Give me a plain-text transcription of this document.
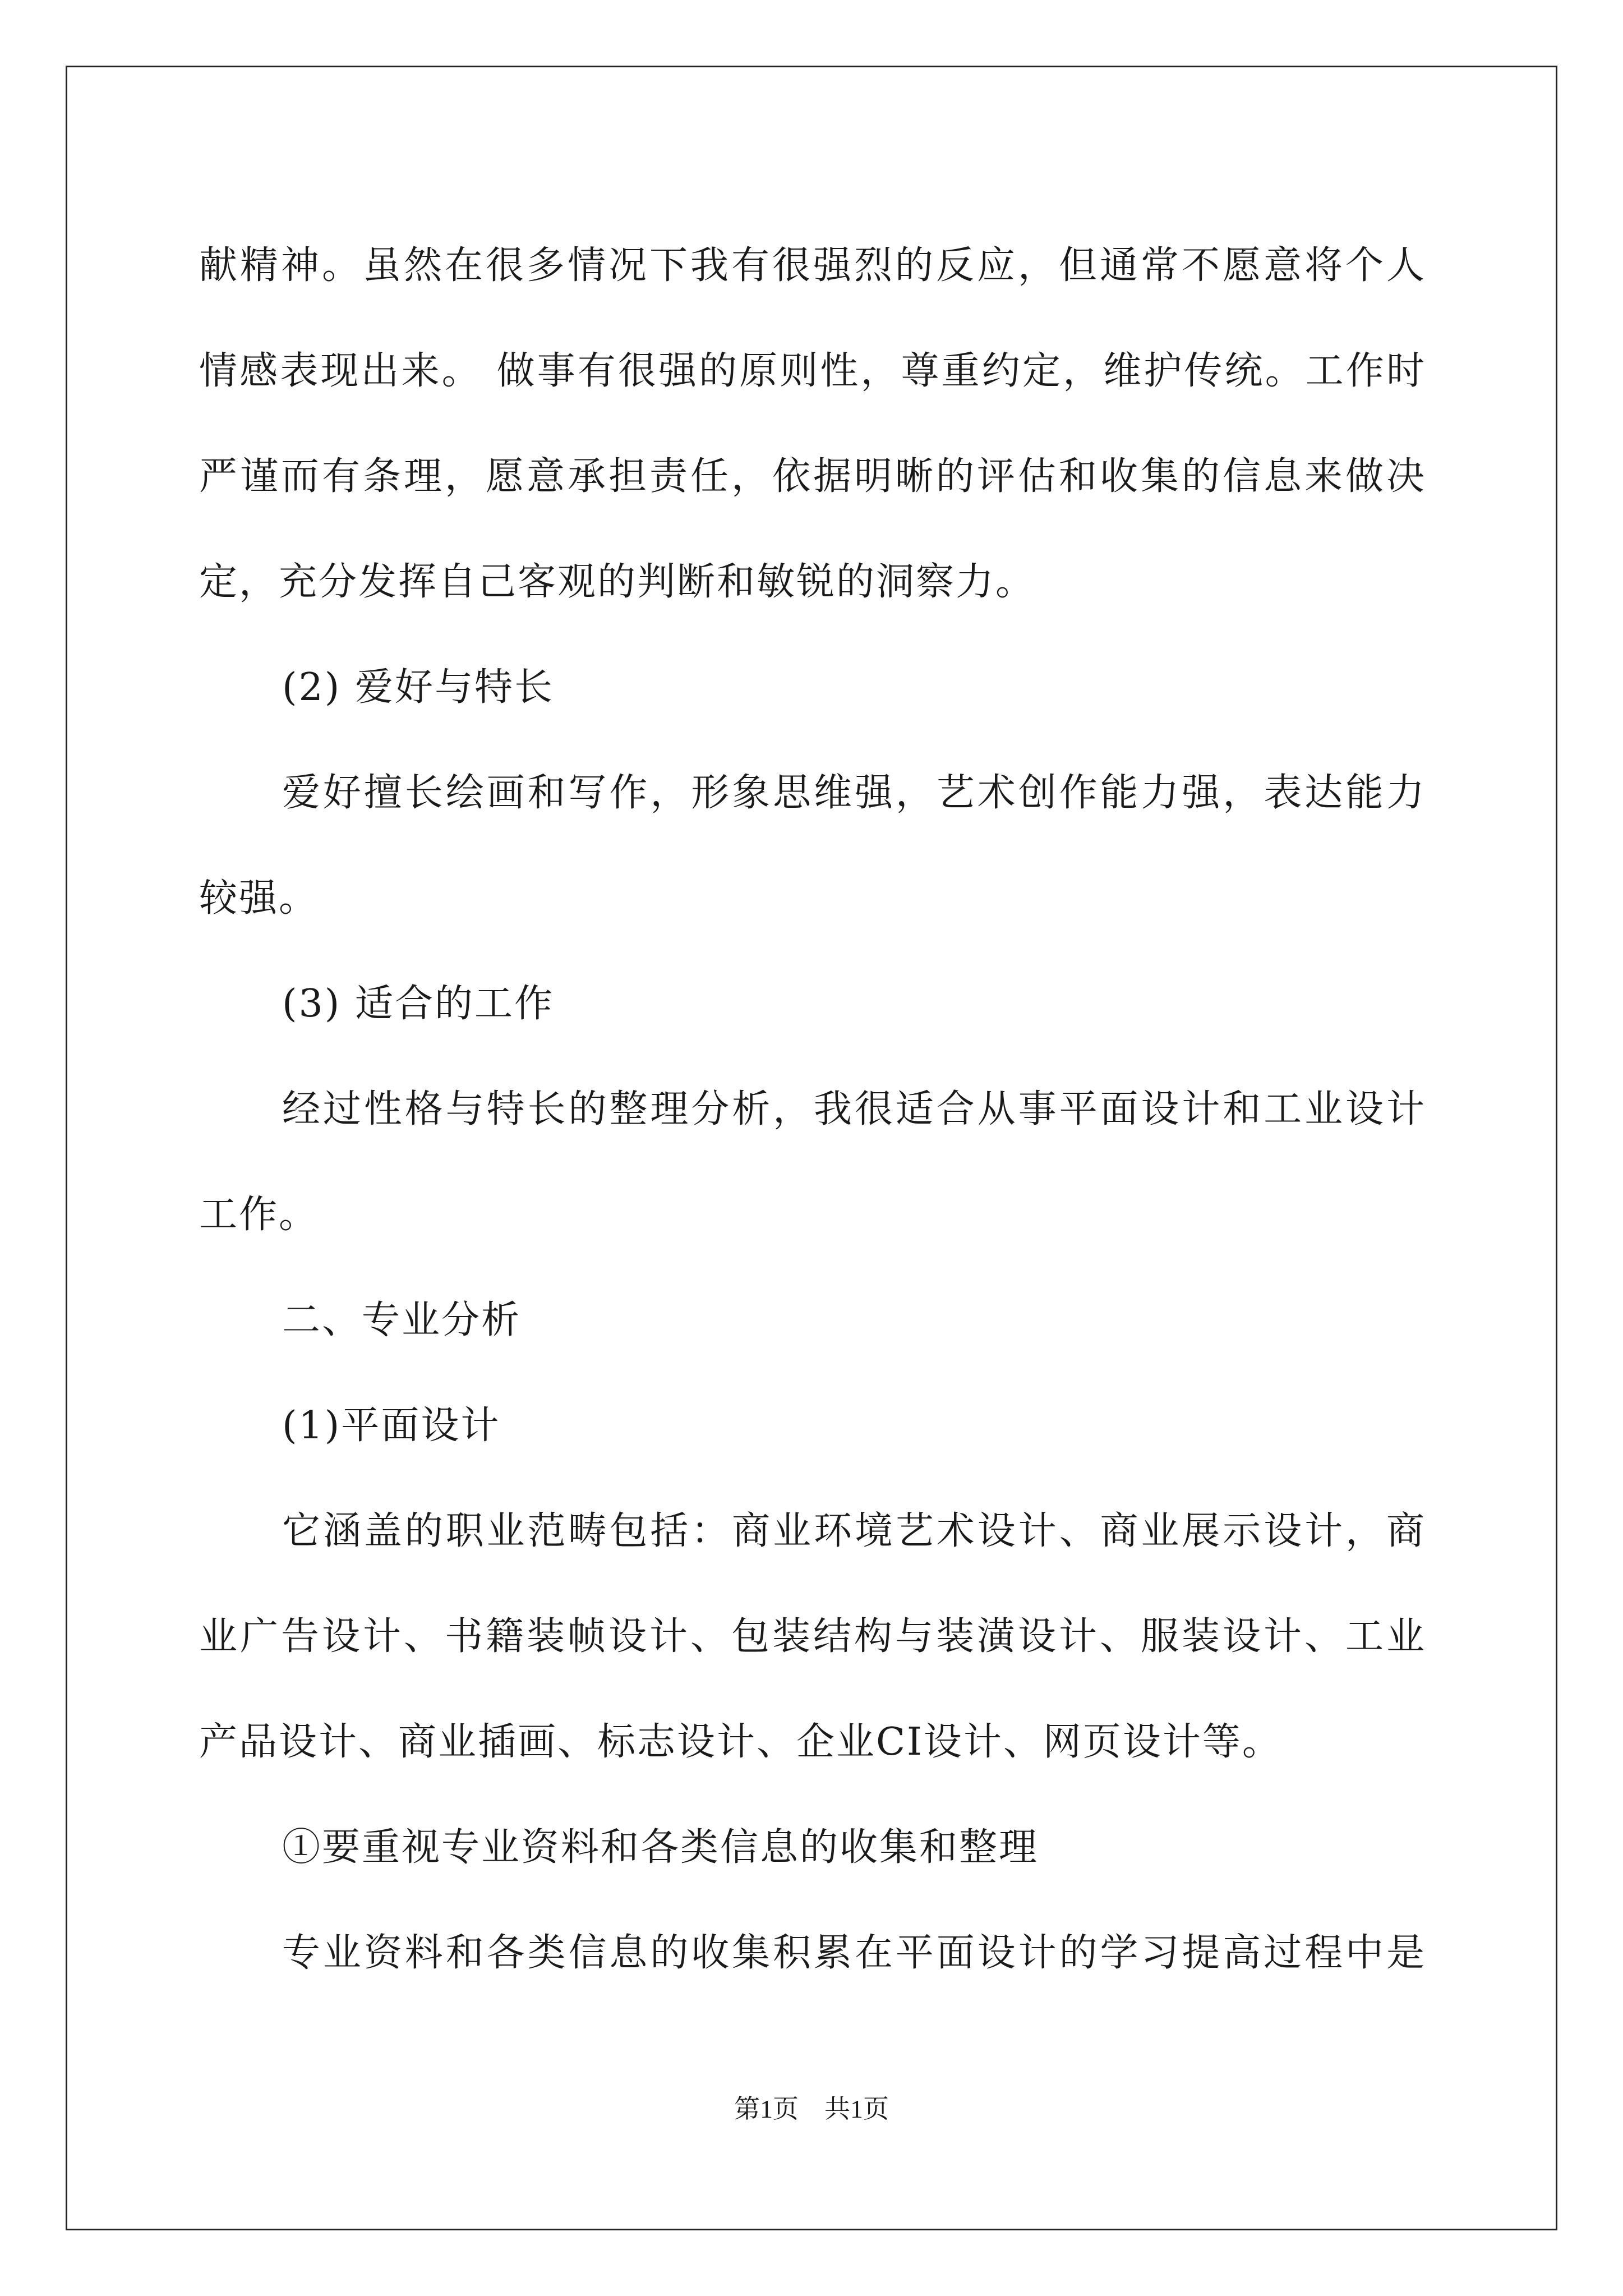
献精神。虽然在很多情况下我有很强烈的反应，但通常不愿意将个人
情感表现出来。 做事有很强的原则性，尊重约定，维护传统。工作时
严谨而有条理，愿意承担责任，依据明晰的评估和收集的信息来做决
定，充分发挥自己客观的判断和敏锐的洞察力。
(2) 爱好与特长
爱好擅长绘画和写作，形象思维强，艺术创作能力强，表达能力
较强。
(3) 适合的工作
经过性格与特长的整理分析，我很适合从事平面设计和工业设计
工作。
二、专业分析
(1)平面设计
它涵盖的职业范畴包括：商业环境艺术设计、商业展示设计，商
业广告设计、书籍装帧设计、包装结构与装潢设计、服装设计、工业
产品设计、商业插画、标志设计、企业CI设计、网页设计等。
①要重视专业资料和各类信息的收集和整理
专业资料和各类信息的收集积累在平面设计的学习提高过程中是
第1页　共1页
